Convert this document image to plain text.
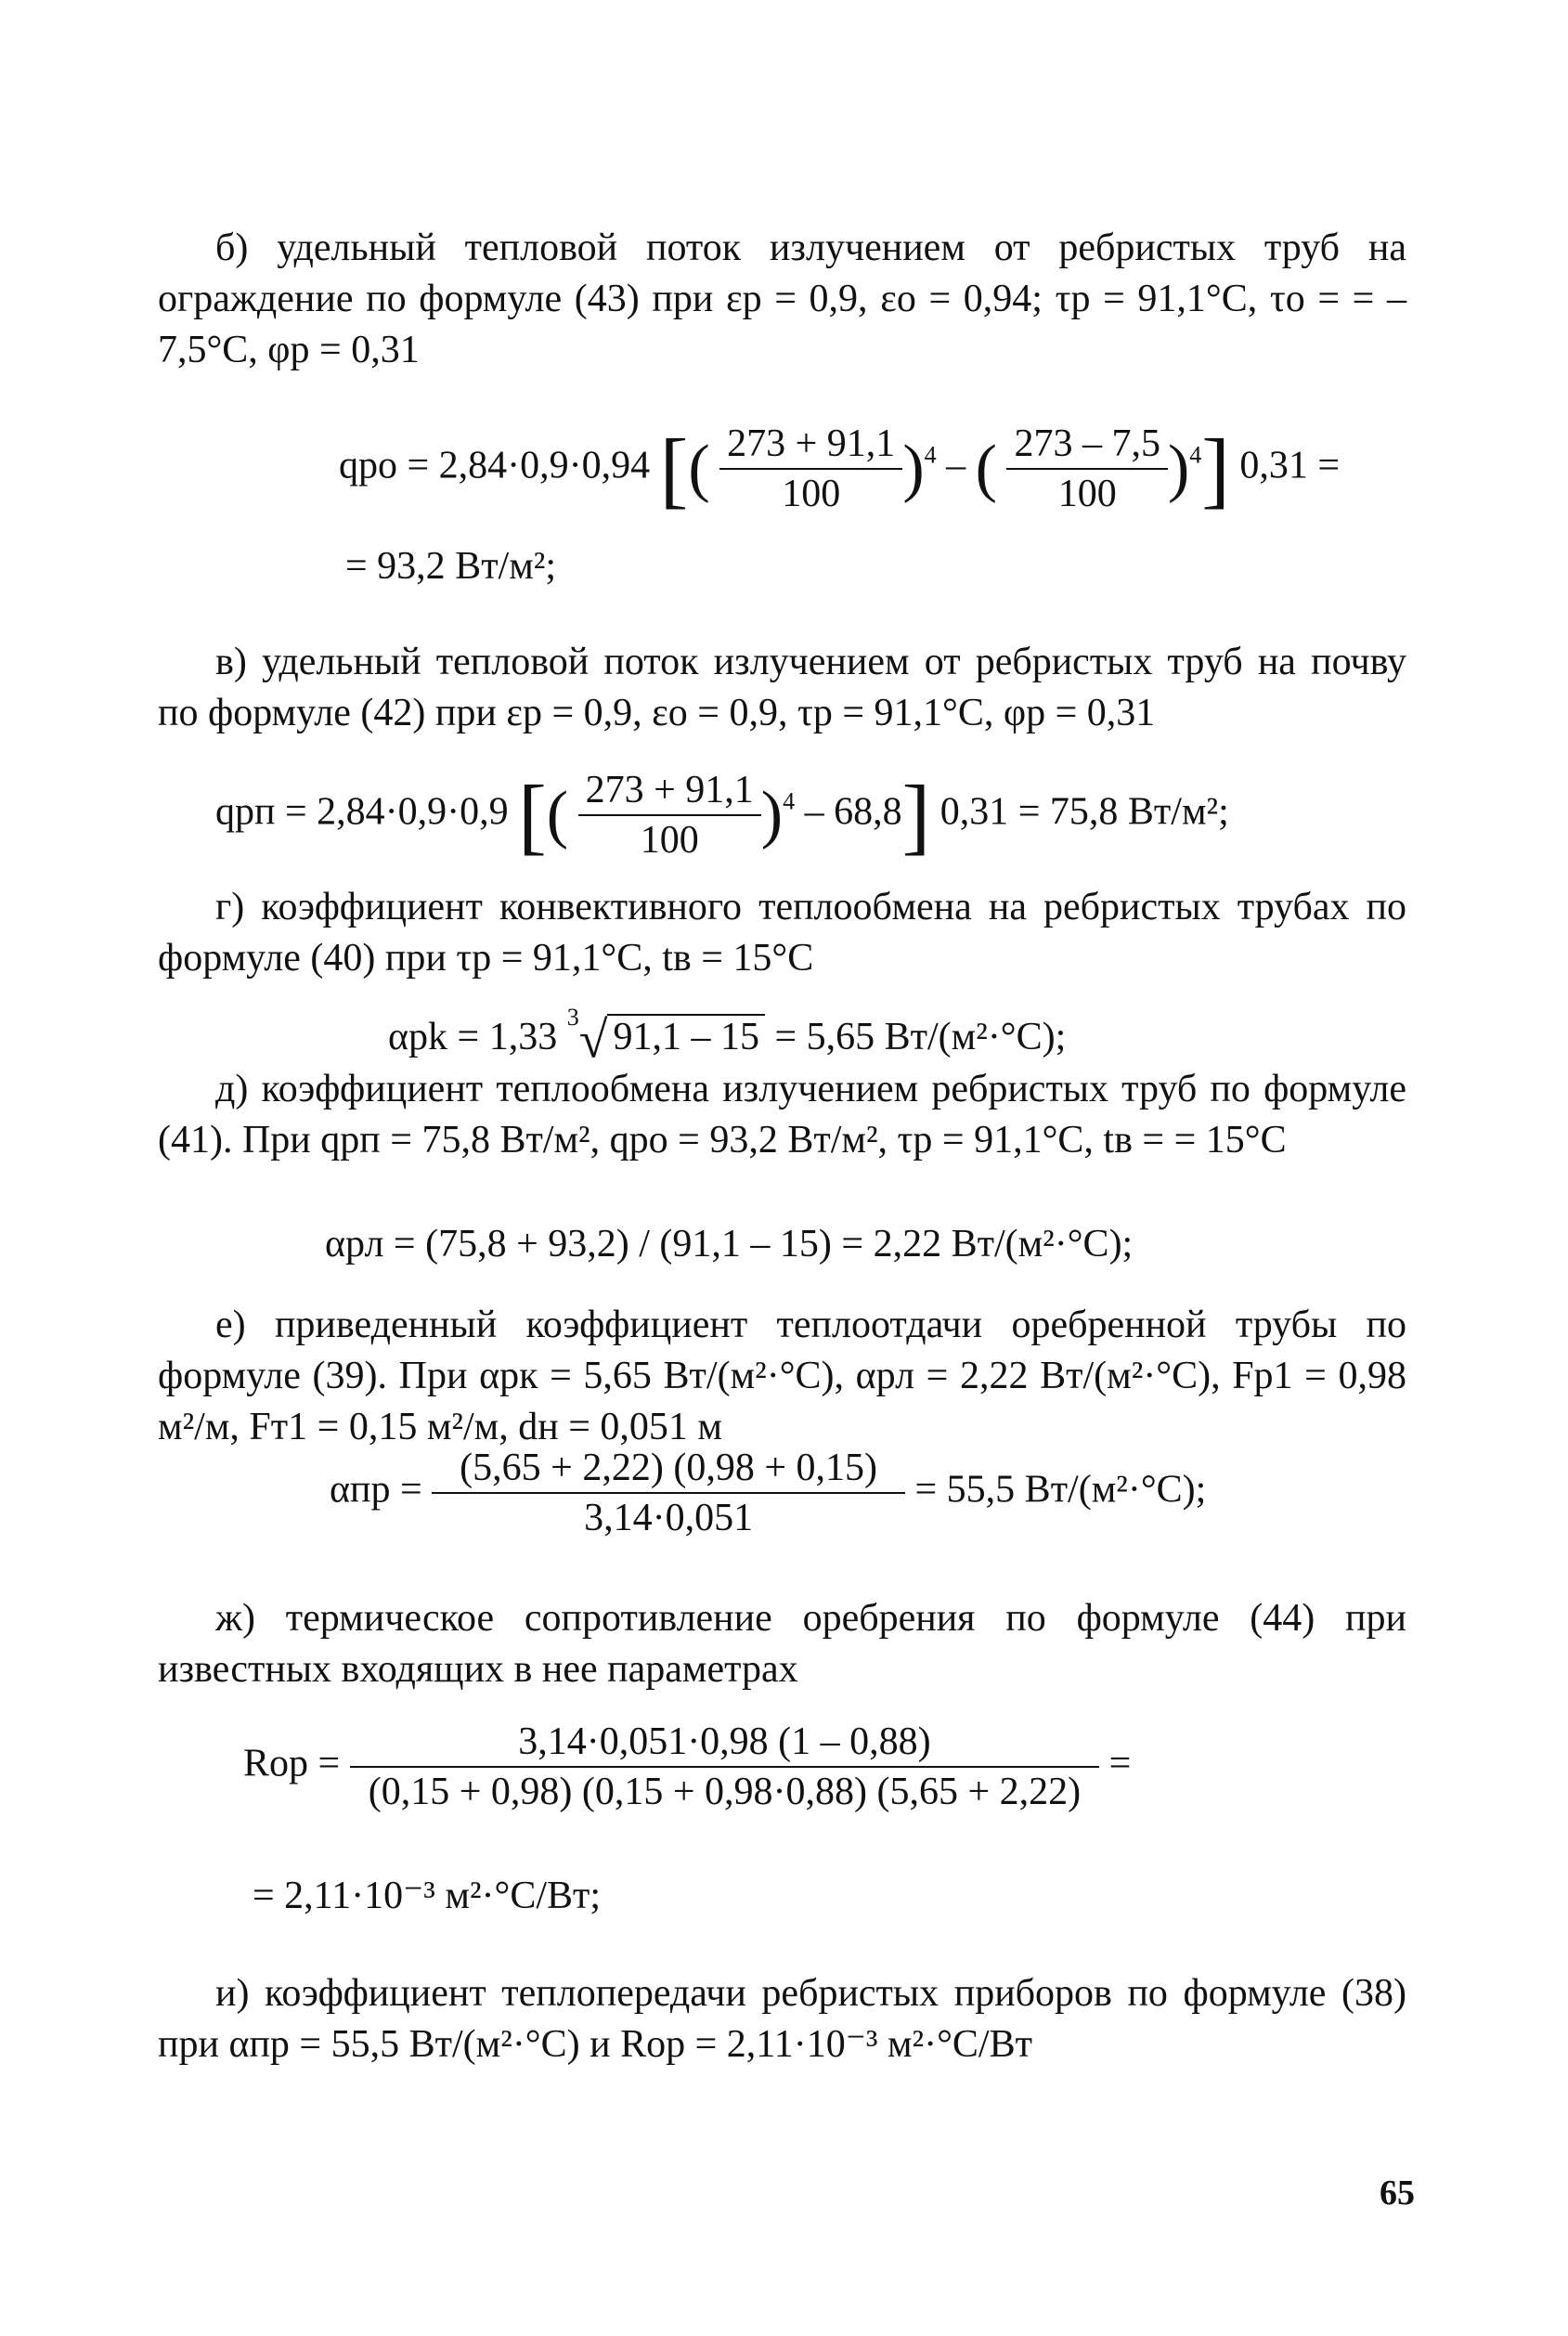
б) удельный тепловой поток излучением от ребристых труб на ограждение по формуле (43) при εр = 0,9, εо = 0,94; τр = 91,1°С, τо = = –7,5°С, φр = 0,31
qро = 2,84·0,9·0,94 [( $\frac{273 + 91,1}{100} )^4$ – ( $\frac{273 - 7,5}{100} )^4$] 0,31 =
= 93,2 Вт/м²;
в) удельный тепловой поток излучением от ребристых труб на почву по формуле (42) при εр = 0,9, εо = 0,9, τр = 91,1°С, φр = 0,31
qрп = 2,84·0,9·0,9 [( $\frac{273 + 91,1}{100} )^4 - 68,8$] 0,31 = 75,8 Вт/м²;
г) коэффициент конвективного теплообмена на ребристых трубах по формуле (40) при τр = 91,1°С, tв = 15°С
αрk = 1,33 $^3$√ 91,1 – 15 = 5,65 Вт/(м²·°С);
д) коэффициент теплообмена излучением ребристых труб по формуле (41). При qрп = 75,8 Вт/м², qро = 93,2 Вт/м², τр = 91,1°С, tв = = 15°С
αрл = (75,8 + 93,2) / (91,1 – 15) = 2,22 Вт/(м²·°С);
е) приведенный коэффициент теплоотдачи оребренной трубы по формуле (39). При αрк = 5,65 Вт/(м²·°С), αрл = 2,22 Вт/(м²·°С), Fр1 = 0,98 м²/м, Fт1 = 0,15 м²/м, dн = 0,051 м
$\alpha пр = \frac{(5,65 + 2,22) (0,98 + 0,15)}{3,14\cdot 0,051} = 55,5$ Вт/(м²·°С);
ж) термическое сопротивление оребрения по формуле (44) при известных входящих в нее параметрах
Rор = $\frac{3,14\cdot 0,051\cdot 0,98 (1 - 0,88)}{(0,15 + 0,98) (0,15 + 0,98\cdot 0,88) (5,65 + 2,22)}$ =
= 2,11·10⁻³ м²·°С/Вт;
и) коэффициент теплопередачи ребристых приборов по формуле (38) при αпр = 55,5 Вт/(м²·°С) и Rор = 2,11·10⁻³ м²·°С/Вт
65
